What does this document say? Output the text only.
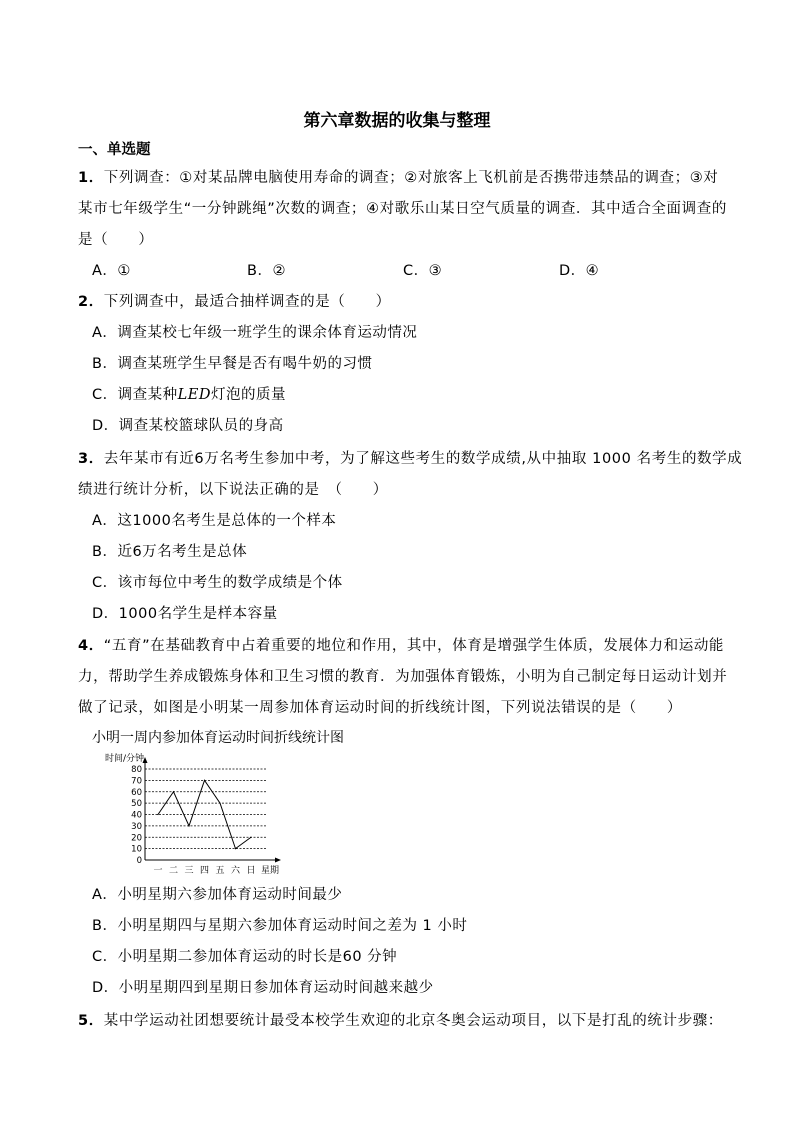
第六章数据的收集与整理
一、单选题
1．下列调查：①对某品牌电脑使用寿命的调查；②对旅客上飞机前是否携带违禁品的调查；③对
某市七年级学生“一分钟跳绳”次数的调查；④对歌乐山某日空气质量的调查．其中适合全面调查的
是（　　）
A．①	B．②	C．③	D．④
2．下列调查中，最适合抽样调查的是（　　）
A．调查某校七年级一班学生的课余体育运动情况
B．调查某班学生早餐是否有喝牛奶的习惯
C．调查某种LED灯泡的质量
D．调查某校篮球队员的身高
3．去年某市有近6万名考生参加中考，为了解这些考生的数学成绩,从中抽取 1000 名考生的数学成
绩进行统计分析，以下说法正确的是　（　　）
A．这1000名考生是总体的一个样本
B．近6万名考生是总体
C．该市每位中考生的数学成绩是个体
D．1000名学生是样本容量
4．“五育”在基础教育中占着重要的地位和作用，其中，体育是增强学生体质，发展体力和运动能
力，帮助学生养成锻炼身体和卫生习惯的教育．为加强体育锻炼，小明为自己制定每日运动计划并
做了记录，如图是小明某一周参加体育运动时间的折线统计图，下列说法错误的是（　　）
小明一周内参加体育运动时间折线统计图
时间/分钟
星期
0
10
20
30
40
50
60
70
80
一 二 三 四 五 六 日
A．小明星期六参加体育运动时间最少
B．小明星期四与星期六参加体育运动时间之差为 1 小时
C．小明星期二参加体育运动的时长是60 分钟
D．小明星期四到星期日参加体育运动时间越来越少
5．某中学运动社团想要统计最受本校学生欢迎的北京冬奥会运动项目，以下是打乱的统计步骤：
